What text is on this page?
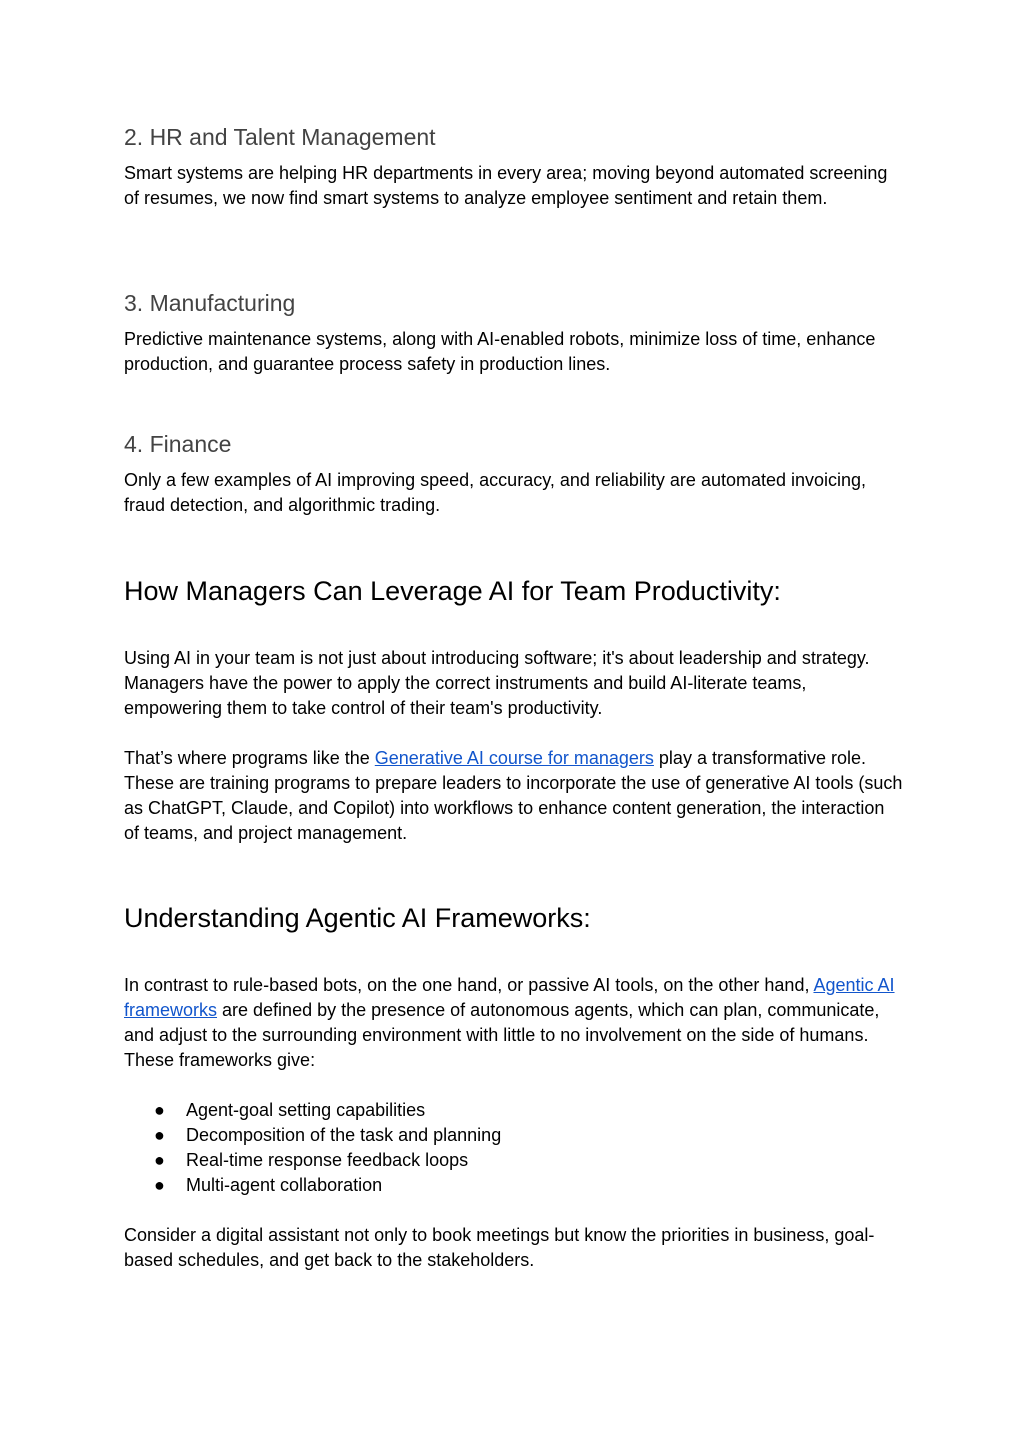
2. HR and Talent Management

Smart systems are helping HR departments in every area; moving beyond automated screening of resumes, we now find smart systems to analyze employee sentiment and retain them.

3. Manufacturing

Predictive maintenance systems, along with AI-enabled robots, minimize loss of time, enhance production, and guarantee process safety in production lines.

4. Finance

Only a few examples of AI improving speed, accuracy, and reliability are automated invoicing, fraud detection, and algorithmic trading.

How Managers Can Leverage AI for Team Productivity:

Using AI in your team is not just about introducing software; it's about leadership and strategy. Managers have the power to apply the correct instruments and build AI-literate teams, empowering them to take control of their team's productivity.

That’s where programs like the Generative AI course for managers play a transformative role. These are training programs to prepare leaders to incorporate the use of generative AI tools (such as ChatGPT, Claude, and Copilot) into workflows to enhance content generation, the interaction of teams, and project management.

Understanding Agentic AI Frameworks:

In contrast to rule-based bots, on the one hand, or passive AI tools, on the other hand, Agentic AI frameworks are defined by the presence of autonomous agents, which can plan, communicate, and adjust to the surrounding environment with little to no involvement on the side of humans. These frameworks give:

● Agent-goal setting capabilities
● Decomposition of the task and planning
● Real-time response feedback loops
● Multi-agent collaboration

Consider a digital assistant not only to book meetings but know the priorities in business, goal-based schedules, and get back to the stakeholders.
